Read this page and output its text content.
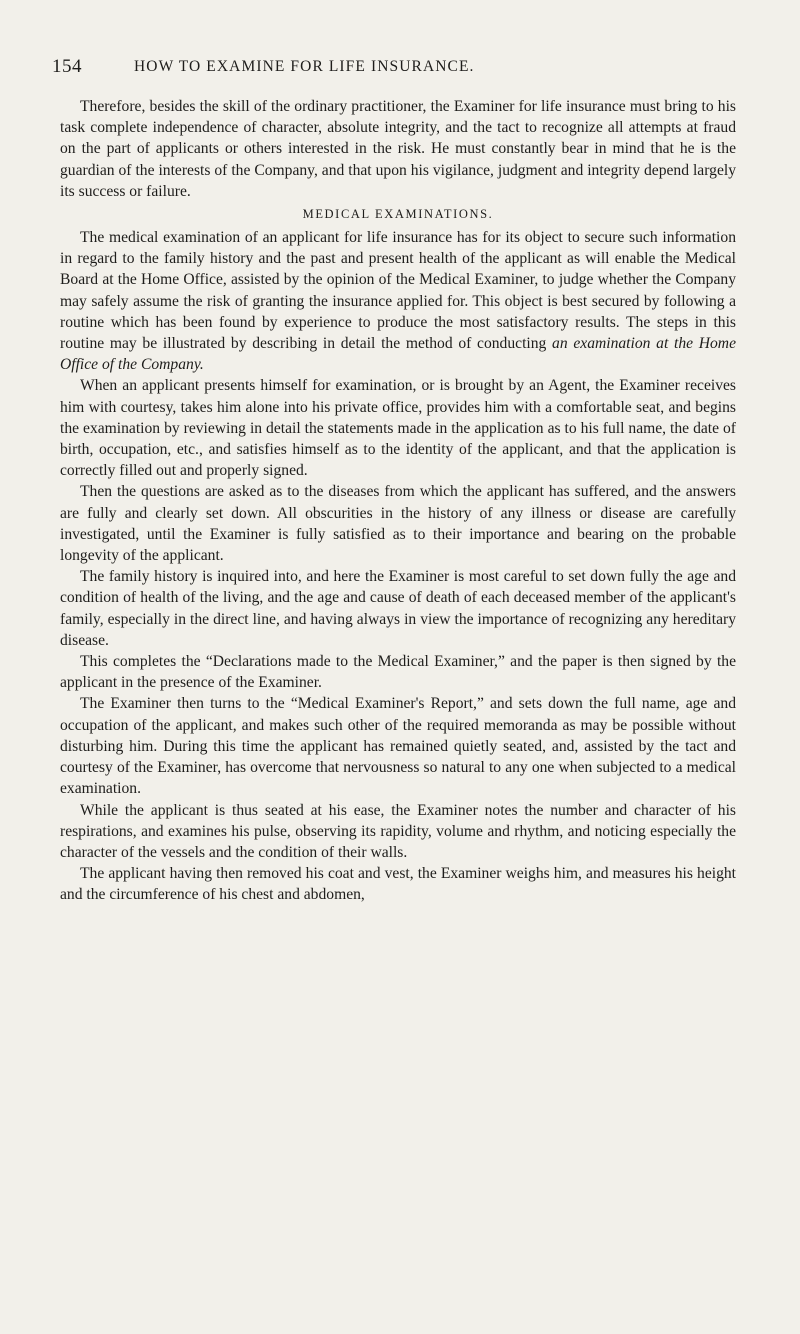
154	HOW TO EXAMINE FOR LIFE INSURANCE.

Therefore, besides the skill of the ordinary practitioner, the Examiner for life insurance must bring to his task complete independence of character, absolute integrity, and the tact to recognize all attempts at fraud on the part of applicants or others interested in the risk. He must constantly bear in mind that he is the guardian of the interests of the Company, and that upon his vigilance, judgment and integrity depend largely its success or failure.

MEDICAL EXAMINATIONS.

The medical examination of an applicant for life insurance has for its object to secure such information in regard to the family history and the past and present health of the applicant as will enable the Medical Board at the Home Office, assisted by the opinion of the Medical Examiner, to judge whether the Company may safely assume the risk of granting the insurance applied for. This object is best secured by following a routine which has been found by experience to produce the most satisfactory results. The steps in this routine may be illustrated by describing in detail the method of conducting an examination at the Home Office of the Company.

When an applicant presents himself for examination, or is brought by an Agent, the Examiner receives him with courtesy, takes him alone into his private office, provides him with a comfortable seat, and begins the examination by reviewing in detail the statements made in the application as to his full name, the date of birth, occupation, etc., and satisfies himself as to the identity of the applicant, and that the application is correctly filled out and properly signed.

Then the questions are asked as to the diseases from which the applicant has suffered, and the answers are fully and clearly set down. All obscurities in the history of any illness or disease are carefully investigated, until the Examiner is fully satisfied as to their importance and bearing on the probable longevity of the applicant.

The family history is inquired into, and here the Examiner is most careful to set down fully the age and condition of health of the living, and the age and cause of death of each deceased member of the applicant's family, especially in the direct line, and having always in view the importance of recognizing any hereditary disease.

This completes the “Declarations made to the Medical Examiner,” and the paper is then signed by the applicant in the presence of the Examiner.

The Examiner then turns to the “Medical Examiner's Report,” and sets down the full name, age and occupation of the applicant, and makes such other of the required memoranda as may be possible without disturbing him. During this time the applicant has remained quietly seated, and, assisted by the tact and courtesy of the Examiner, has overcome that nervousness so natural to any one when subjected to a medical examination.

While the applicant is thus seated at his ease, the Examiner notes the number and character of his respirations, and examines his pulse, observing its rapidity, volume and rhythm, and noticing especially the character of the vessels and the condition of their walls.

The applicant having then removed his coat and vest, the Examiner weighs him, and measures his height and the circumference of his chest and abdomen,
